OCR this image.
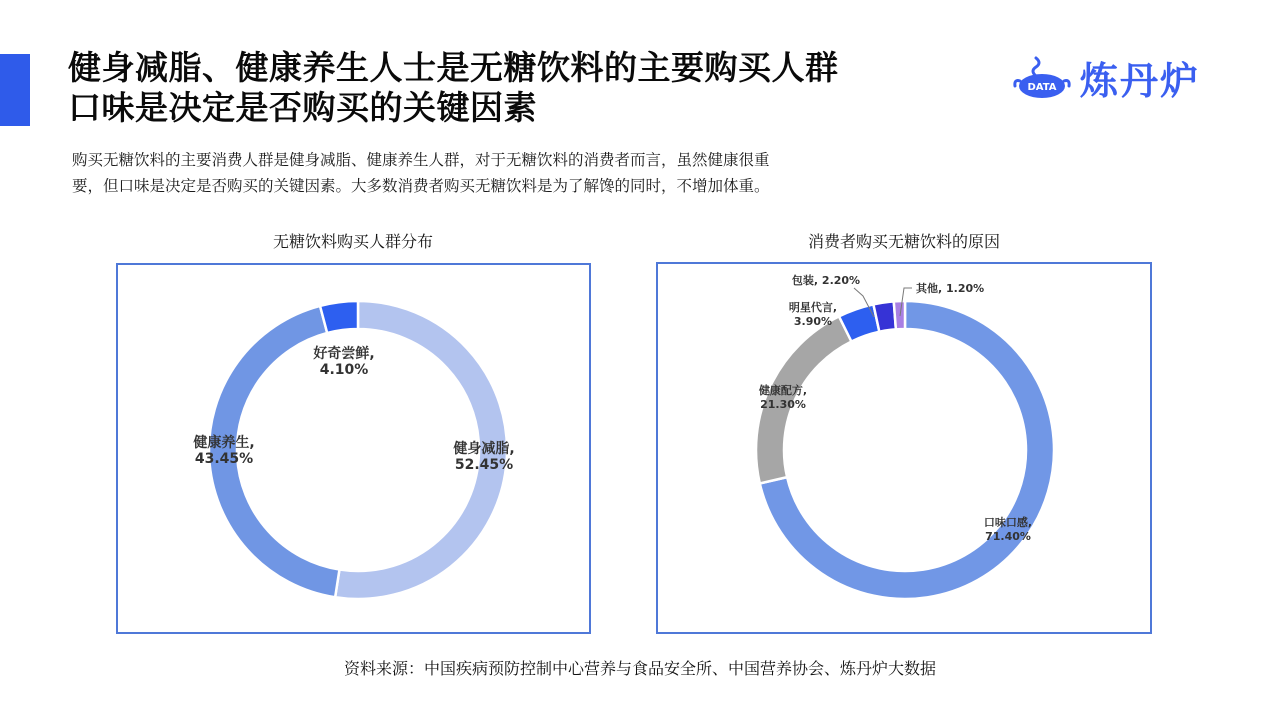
健身减脂、健康养生人士是无糖饮料的主要购买人群
口味是决定是否购买的关键因素
DATA 炼丹炉

购买无糖饮料的主要消费人群是健身减脂、健康养生人群，对于无糖饮料的消费者而言，虽然健康很重
要，但口味是决定是否购买的关键因素。大多数消费者购买无糖饮料是为了解馋的同时，不增加体重。

无糖饮料购买人群分布	消费者购买无糖饮料的原因
健身减脂, 52.45%
健康养生, 43.45%
好奇尝鲜, 4.10%
口味口感, 71.40%
健康配方, 21.30%
明星代言, 3.90%
包装, 2.20%
其他, 1.20%
资料来源：中国疾病预防控制中心营养与食品安全所、中国营养协会、炼丹炉大数据
